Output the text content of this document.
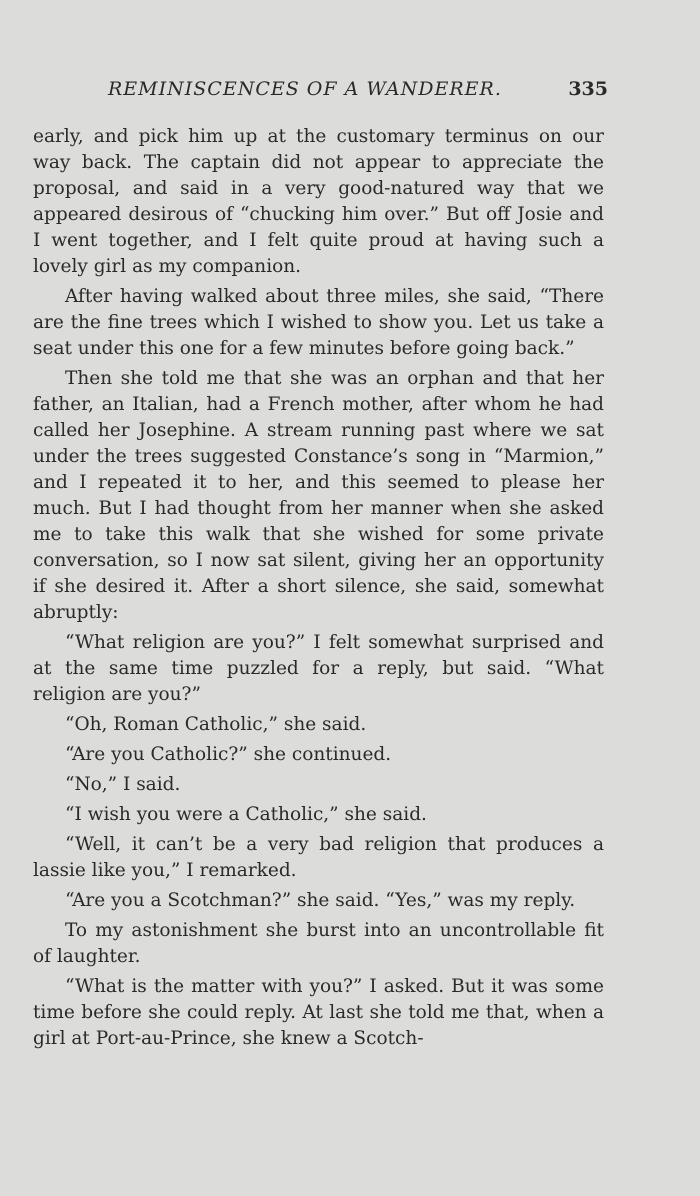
REMINISCENCES OF A WANDERER.	335

early, and pick him up at the customary terminus on our way back. The captain did not appear to appreciate the proposal, and said in a very good-natured way that we appeared desirous of “chucking him over.” But off Josie and I went together, and I felt quite proud at having such a lovely girl as my companion.

After having walked about three miles, she said, “There are the fine trees which I wished to show you. Let us take a seat under this one for a few minutes before going back.”

Then she told me that she was an orphan and that her father, an Italian, had a French mother, after whom he had called her Josephine. A stream running past where we sat under the trees suggested Constance’s song in “Marmion,” and I repeated it to her, and this seemed to please her much. But I had thought from her manner when she asked me to take this walk that she wished for some private conversation, so I now sat silent, giving her an opportunity if she desired it. After a short silence, she said, somewhat abruptly:

“What religion are you?” I felt somewhat surprised and at the same time puzzled for a reply, but said. “What religion are you?”

“Oh, Roman Catholic,” she said.

“Are you Catholic?” she continued.

“No,” I said.

“I wish you were a Catholic,” she said.

“Well, it can’t be a very bad religion that produces a lassie like you,” I remarked.

“Are you a Scotchman?” she said. “Yes,” was my reply.

To my astonishment she burst into an uncontrollable fit of laughter.

“What is the matter with you?” I asked. But it was some time before she could reply. At last she told me that, when a girl at Port-au-Prince, she knew a Scotch-
